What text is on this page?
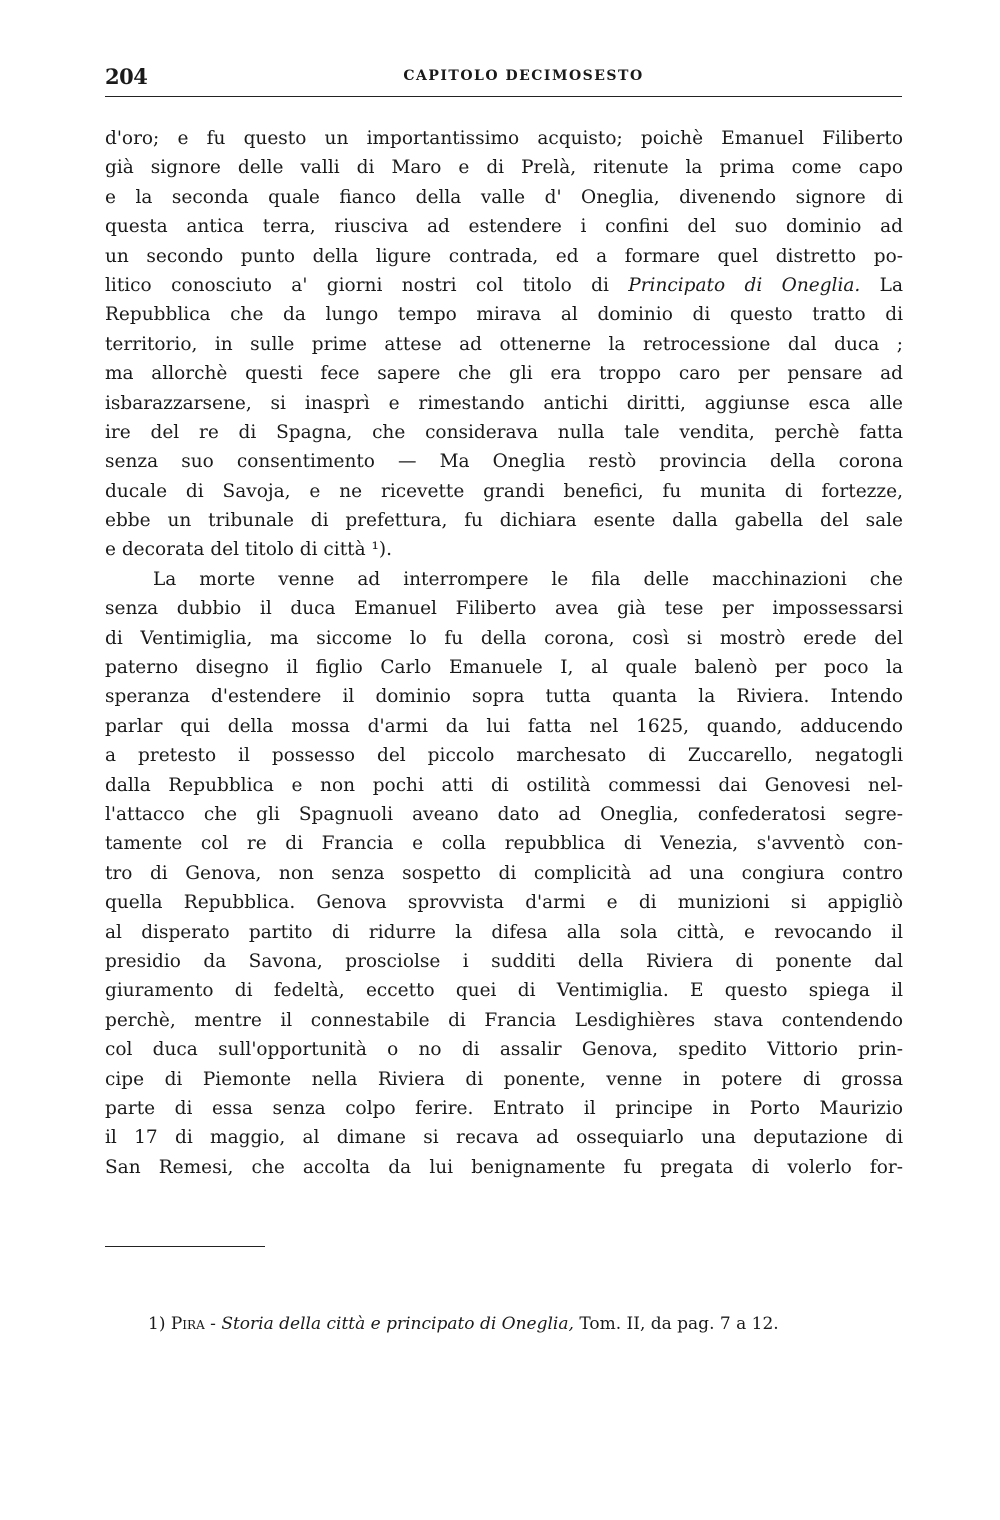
204	CAPITOLO DECIMOSESTO
d'oro; e fu questo un importantissimo acquisto; poichè Emanuel Filiberto
già signore delle valli di Maro e di Prelà, ritenute la prima come capo
e la seconda quale fianco della valle d' Oneglia, divenendo signore di
questa antica terra, riusciva ad estendere i confini del suo dominio ad
un secondo punto della ligure contrada, ed a formare quel distretto po-
litico conosciuto a' giorni nostri col titolo di Principato di Oneglia. La
Repubblica che da lungo tempo mirava al dominio di questo tratto di
territorio, in sulle prime attese ad ottenerne la retrocessione dal duca ;
ma allorchè questi fece sapere che gli era troppo caro per pensare ad
isbarazzarsene, si inasprì e rimestando antichi diritti, aggiunse esca alle
ire del re di Spagna, che considerava nulla tale vendita, perchè fatta
senza suo consentimento — Ma Oneglia restò provincia della corona
ducale di Savoja, e ne ricevette grandi benefici, fu munita di fortezze,
ebbe un tribunale di prefettura, fu dichiara esente dalla gabella del sale
e decorata del titolo di città ¹).
La morte venne ad interrompere le fila delle macchinazioni che
senza dubbio il duca Emanuel Filiberto avea già tese per impossessarsi
di Ventimiglia, ma siccome lo fu della corona, così si mostrò erede del
paterno disegno il figlio Carlo Emanuele I, al quale balenò per poco la
speranza d'estendere il dominio sopra tutta quanta la Riviera. Intendo
parlar qui della mossa d'armi da lui fatta nel 1625, quando, adducendo
a pretesto il possesso del piccolo marchesato di Zuccarello, negatogli
dalla Repubblica e non pochi atti di ostilità commessi dai Genovesi nel-
l'attacco che gli Spagnuoli aveano dato ad Oneglia, confederatosi segre-
tamente col re di Francia e colla repubblica di Venezia, s'avventò con-
tro di Genova, non senza sospetto di complicità ad una congiura contro
quella Repubblica. Genova sprovvista d'armi e di munizioni si appigliò
al disperato partito di ridurre la difesa alla sola città, e revocando il
presidio da Savona, prosciolse i sudditi della Riviera di ponente dal
giuramento di fedeltà, eccetto quei di Ventimiglia. E questo spiega il
perchè, mentre il connestabile di Francia Lesdighières stava contendendo
col duca sull'opportunità o no di assalir Genova, spedito Vittorio prin-
cipe di Piemonte nella Riviera di ponente, venne in potere di grossa
parte di essa senza colpo ferire. Entrato il principe in Porto Maurizio
il 17 di maggio, al dimane si recava ad ossequiarlo una deputazione di
San Remesi, che accolta da lui benignamente fu pregata di volerlo for-
1) Pira - Storia della città e principato di Oneglia, Tom. II, da pag. 7 a 12.
